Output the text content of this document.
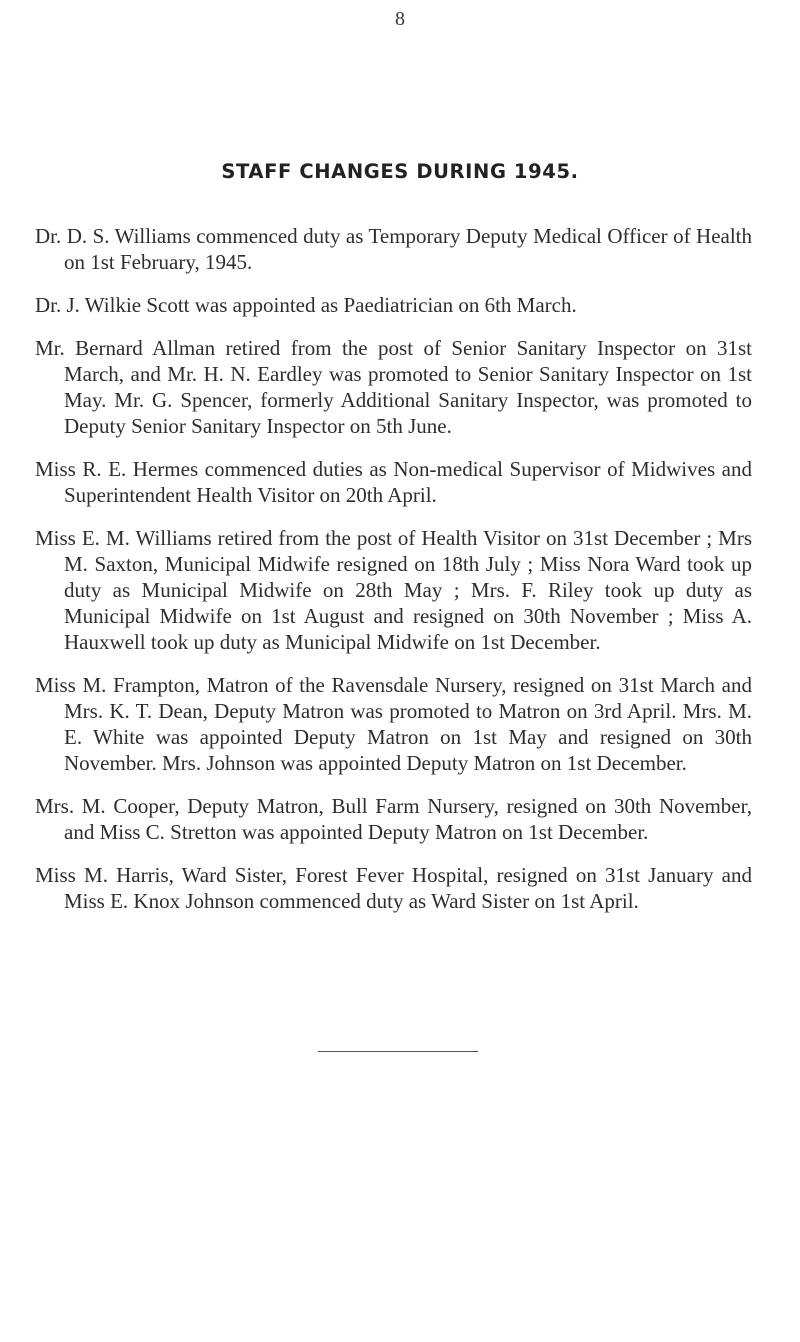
8
STAFF CHANGES DURING 1945.

Dr. D. S. Williams commenced duty as Temporary Deputy Medical Officer of Health on 1st February, 1945.

Dr. J. Wilkie Scott was appointed as Paediatrician on 6th March.

Mr. Bernard Allman retired from the post of Senior Sanitary Inspector on 31st March, and Mr. H. N. Eardley was promoted to Senior Sanitary Inspector on 1st May. Mr. G. Spencer, formerly Additional Sanitary Inspector, was promoted to Deputy Senior Sanitary Inspector on 5th June.

Miss R. E. Hermes commenced duties as Non-medical Supervisor of Midwives and Superintendent Health Visitor on 20th April.

Miss E. M. Williams retired from the post of Health Visitor on 31st December ; Mrs M. Saxton, Municipal Midwife resigned on 18th July ; Miss Nora Ward took up duty as Municipal Midwife on 28th May ; Mrs. F. Riley took up duty as Municipal Midwife on 1st August and resigned on 30th November ; Miss A. Hauxwell took up duty as Municipal Midwife on 1st December.

Miss M. Frampton, Matron of the Ravensdale Nursery, resigned on 31st March and Mrs. K. T. Dean, Deputy Matron was promoted to Matron on 3rd April. Mrs. M. E. White was appointed Deputy Matron on 1st May and resigned on 30th November. Mrs. Johnson was appointed Deputy Matron on 1st December.

Mrs. M. Cooper, Deputy Matron, Bull Farm Nursery, resigned on 30th November, and Miss C. Stretton was appointed Deputy Matron on 1st December.

Miss M. Harris, Ward Sister, Forest Fever Hospital, resigned on 31st January and Miss E. Knox Johnson commenced duty as Ward Sister on 1st April.
